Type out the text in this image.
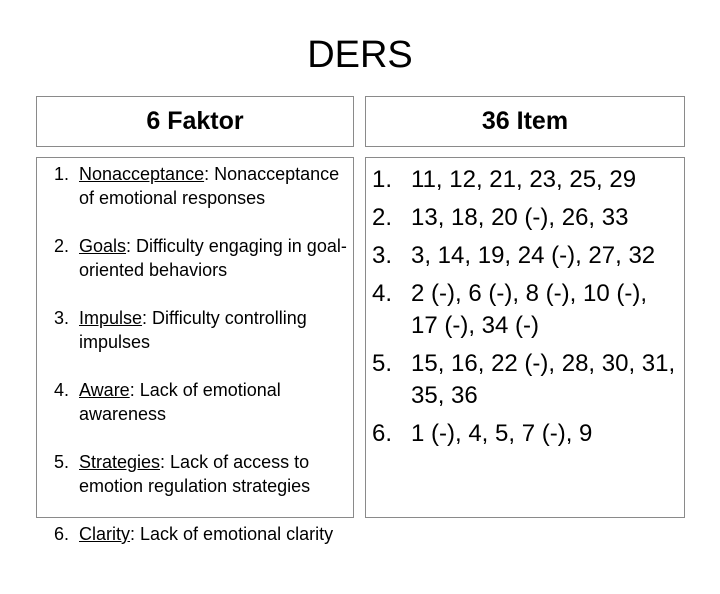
DERS
6 Faktor	36 Item
1. Nonacceptance: Nonacceptance of emotional responses
2. Goals: Difficulty engaging in goal-oriented behaviors
3. Impulse: Difficulty controlling impulses
4. Aware: Lack of emotional awareness
5. Strategies: Lack of access to emotion regulation strategies
6. Clarity: Lack of emotional clarity
1. 11, 12, 21, 23, 25, 29
2. 13, 18, 20 (-), 26, 33
3. 3, 14, 19, 24 (-), 27, 32
4. 2 (-), 6 (-), 8 (-), 10 (-), 17 (-), 34 (-)
5. 15, 16, 22 (-), 28, 30, 31, 35, 36
6. 1 (-), 4, 5, 7 (-), 9
